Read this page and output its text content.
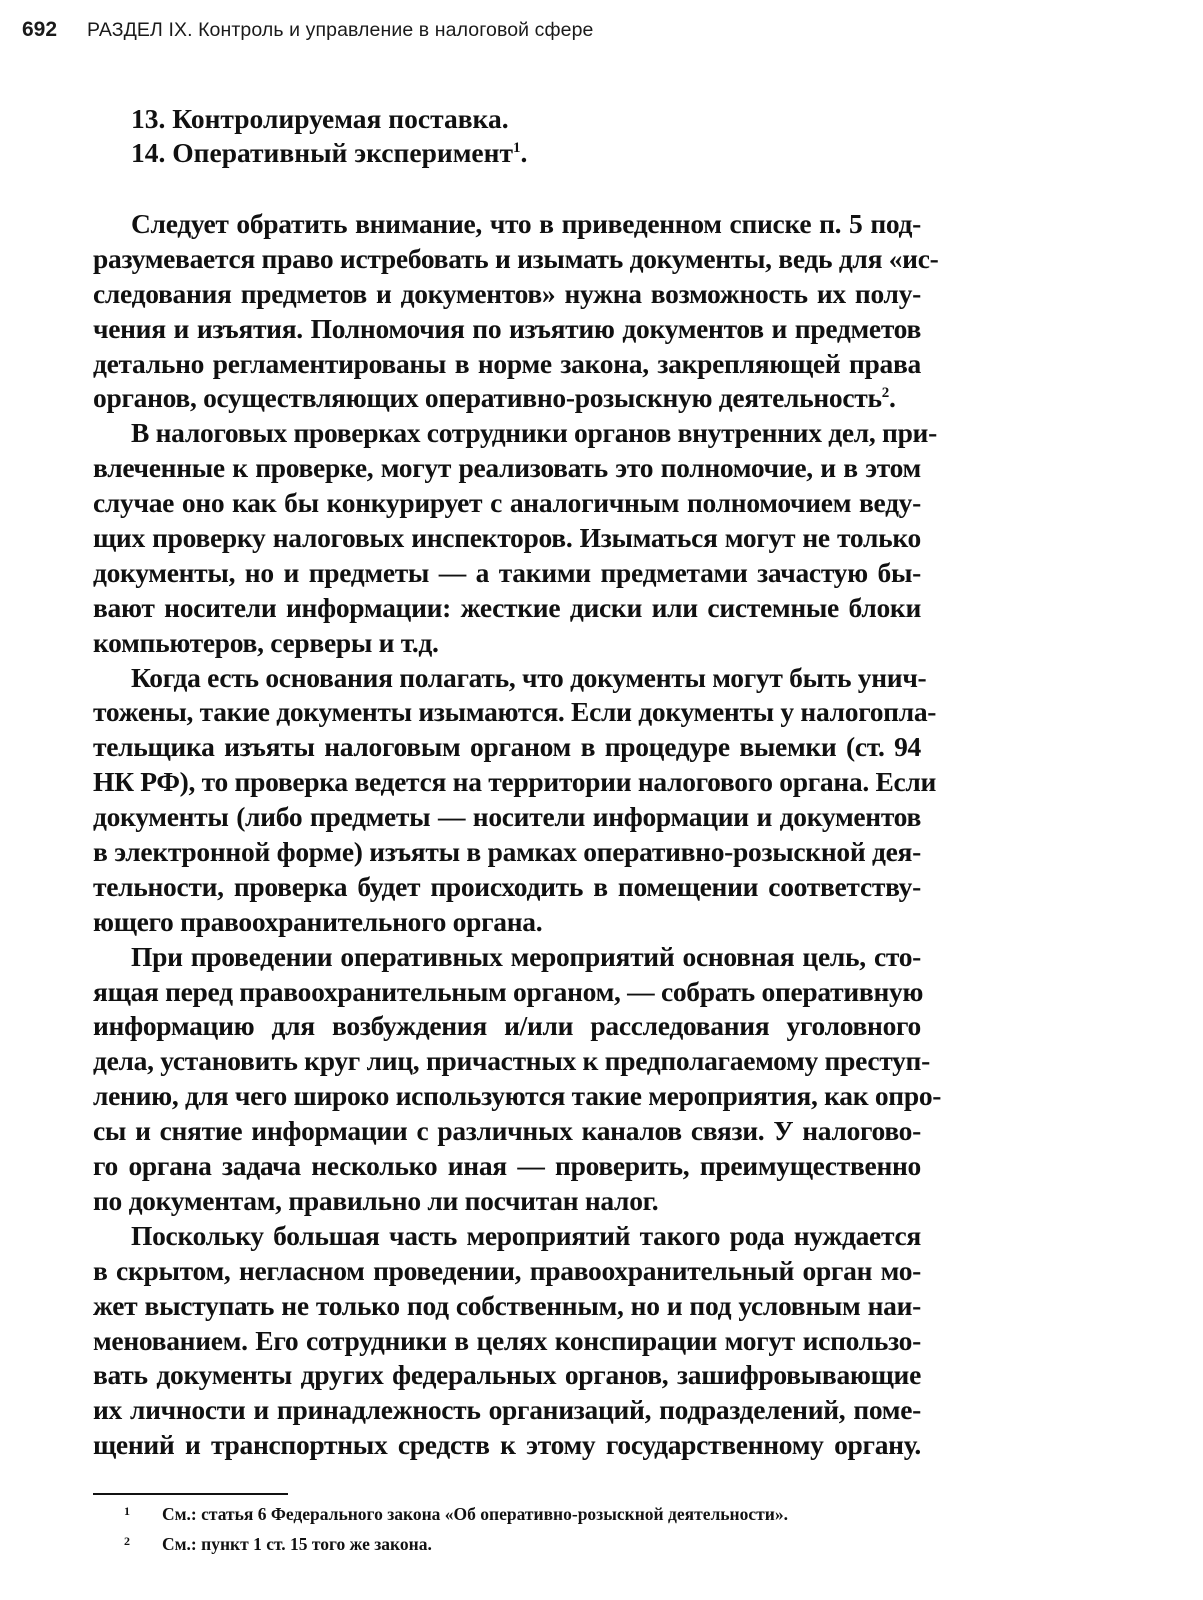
692 РАЗДЕЛ IX. Контроль и управление в налоговой сфере
13. Контролируемая поставка.
14. Оперативный эксперимент$^1$.
Следует обратить внимание, что в приведенном списке п. 5 под-
разумевается право истребовать и изымать документы, ведь для «ис-
следования предметов и документов» нужна возможность их полу-
чения и изъятия. Полномочия по изъятию документов и предметов
детально регламентированы в норме закона, закрепляющей права
органов, осуществляющих оперативно-розыскную деятельность$^2$.
В налоговых проверках сотрудники органов внутренних дел, при-
влеченные к проверке, могут реализовать это полномочие, и в этом
случае оно как бы конкурирует с аналогичным полномочием веду-
щих проверку налоговых инспекторов. Изыматься могут не только
документы, но и предметы — а такими предметами зачастую бы-
вают носители информации: жесткие диски или системные блоки
компьютеров, серверы и т.д.
Когда есть основания полагать, что документы могут быть унич-
тожены, такие документы изымаются. Если документы у налогопла-
тельщика изъяты налоговым органом в процедуре выемки (ст. 94
НК РФ), то проверка ведется на территории налогового органа. Если
документы (либо предметы — носители информации и документов
в электронной форме) изъяты в рамках оперативно-розыскной дея-
тельности, проверка будет происходить в помещении соответству-
ющего правоохранительного органа.
При проведении оперативных мероприятий основная цель, сто-
ящая перед правоохранительным органом, — собрать оперативную
информацию для возбуждения и/или расследования уголовного
дела, установить круг лиц, причастных к предполагаемому преступ-
лению, для чего широко используются такие мероприятия, как опро-
сы и снятие информации с различных каналов связи. У налогово-
го органа задача несколько иная — проверить, преимущественно
по документам, правильно ли посчитан налог.
Поскольку большая часть мероприятий такого рода нуждается
в скрытом, негласном проведении, правоохранительный орган мо-
жет выступать не только под собственным, но и под условным наи-
менованием. Его сотрудники в целях конспирации могут использо-
вать документы других федеральных органов, зашифровывающие
их личности и принадлежность организаций, подразделений, поме-
щений и транспортных средств к этому государственному органу.
1	См.: статья 6 Федерального закона «Об оперативно-розыскной деятельности».
2	См.: пункт 1 ст. 15 того же закона.
